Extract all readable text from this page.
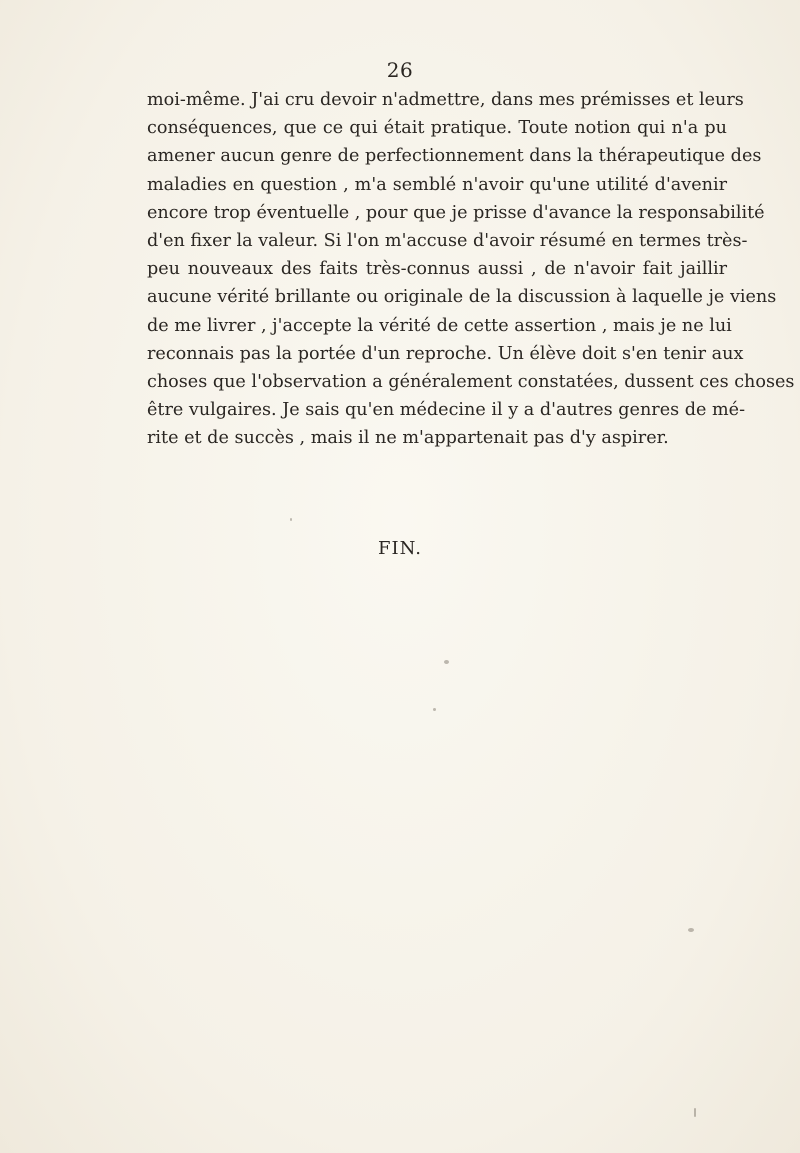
26
moi-même. J'ai cru devoir n'admettre, dans mes prémisses et leurs
conséquences, que ce qui était pratique. Toute notion qui n'a pu
amener aucun genre de perfectionnement dans la thérapeutique des
maladies en question , m'a semblé n'avoir qu'une utilité d'avenir
encore trop éventuelle , pour que je prisse d'avance la responsabilité
d'en fixer la valeur. Si l'on m'accuse d'avoir résumé en termes très-
peu nouveaux des faits très-connus aussi , de n'avoir fait jaillir
aucune vérité brillante ou originale de la discussion à laquelle je viens
de me livrer , j'accepte la vérité de cette assertion , mais je ne lui
reconnais pas la portée d'un reproche. Un élève doit s'en tenir aux
choses que l'observation a généralement constatées, dussent ces choses
être vulgaires. Je sais qu'en médecine il y a d'autres genres de mé-
rite et de succès , mais il ne m'appartenait pas d'y aspirer.
FIN.
